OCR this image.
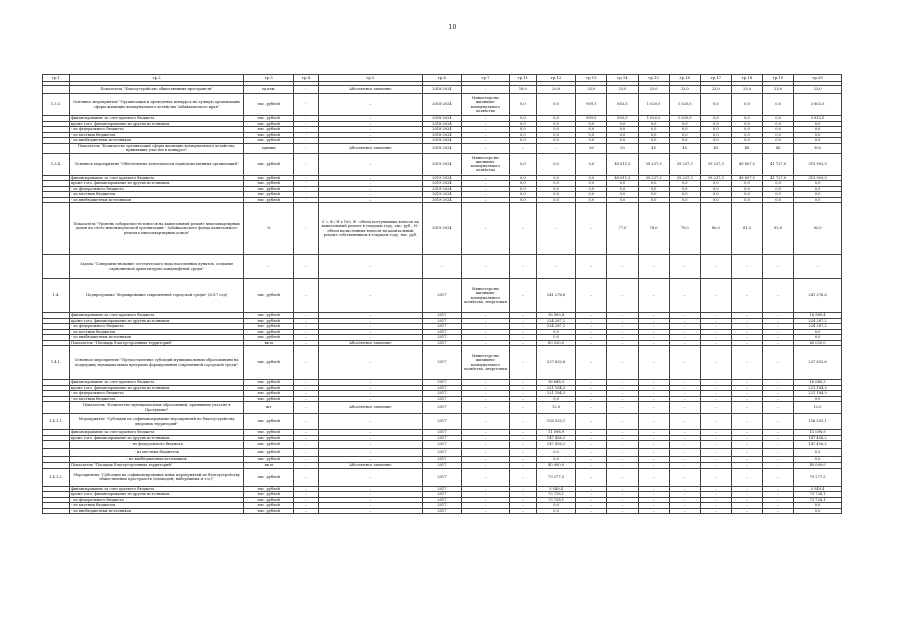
10
гр.1	гр.2	гр.3	гр.4	гр.5	гр.6	гр.7	гр.11	гр.12	гр.13	гр.14	гр.15	гр.16	гр.17	гр.18	гр.19	гр.20

	Показатель "Благоустройство общественных пространств"	ед.изм.	-	Абсолютное значение	2018-2024	–	18,0	20,0	25,0	23,0	25,0	23,0	23,0	23,0	23,0	23,0
1.3.3.	Основное мероприятие "Организация и проведение конкурса на лучшую организацию сферы жилищно-коммунального хозяйства Забайкальского края"	тыс. рублей	-	–	2018-2024	Министерство жилищно-коммунального хозяйства	0,0	0,0	909,1	803,5	1 020,0	1 020,0	0,0	0,0	0,0	3 802,5
	финансирование за счет краевого бюджета	тыс. рублей	-	–	2018-2024	–	0,0	0,0	909,0	803,5	1 020,0	1 020,0	0,0	0,0	0,0	3 812,5
	кроме того, финансирование из других источников:	тыс. рублей	-	–	2018-2024	–	0,0	0,0	0,0	0,0	0,0	0,0	0,0	0,0	0,0	0,0
	- из федерального бюджета	тыс. рублей	-	–	2018-2024	–	0,0	0,0	0,0	0,0	0,0	0,0	0,0	0,0	0,0	0,0
	- из местных бюджетов	тыс. рублей	-	–	2018-2024	–	0,0	0,0	0,0	0,0	0,0	0,0	0,0	0,0	0,0	0,0
	- из внебюджетных источников	тыс. рублей	-	–	2018-2024	–	0,0	0,0	0,0	0,0	0,0	0,0	0,0	0,0	0,0	0,0
	Показатель "Количество организаций сферы жилищно-коммунального хозяйства, принявших участие в конкурсе"	единиц	-	Абсолютное значение	2018-2024	–	–	–	26	30	45	45	45	46	46	302
1.3.4.	Основное мероприятие "Обеспечение деятельности подведомственных организаций"	тыс. рублей	-	–	2019-2024	Министерство жилищно-коммунального хозяйства	0,0	0,0	0,0	49 611,5	39 237,3	39 237,3	39 237,3	49 807,5	41 727,0	319 903,3
	финансирование за счет краевого бюджета	тыс. рублей	-	–	2019-2024	–	0,0	0,0	0,0	49 611,5	39 237,3	39 237,3	39 237,3	49 807,5	41 727,0	319 903,3
	кроме того, финансирование из других источников:	тыс. рублей	-	–	2019-2024	–	0,0	0,0	0,0	0,0	0,0	0,0	0,0	0,0	0,0	0,0
	- из федерального бюджета	тыс. рублей	-	–	2019-2024	–	0,0	0,0	0,0	0,0	0,0	0,0	0,0	0,0	0,0	0,0
	- из местных бюджетов	тыс. рублей	-	–	2019-2024	–	0,0	0,0	0,0	0,0	0,0	0,0	0,0	0,0	0,0	0,0
	- из внебюджетных источников	тыс. рублей	-	–	2019-2024	–	0,0	0,0	0,0	0,0	0,0	0,0	0,0	0,0	0,0	0,0
	Показатель "Уровень собираемости взносов на капитальный ремонт многоквартирных домов на счете некоммерческой организации - Забайкальского фонда капитального ремонта многоквартирных домов"	%	-	С = Ф / Н x 100, Ф - объем поступивших взносов на капитальный ремонт в текущем году, тыс. руб.; Н - объем начисленных взносов на капитальный ремонт собственникам в текущем году, тыс. руб.	2019-2024	–	–	–	–	77,0	78,0	79,0	80,0	81,0	82,0	82,0
	Задача "Совершенствование эстетического вида населенных пунктов, создание гармоничной архитектурно-ландшафтной среды"	–	–	–	–	–	–	–	–	–	–	–	–	–	–	–
1.4.	Подпрограмма "Формирование современной городской среды" (2017 год)	тыс. рублей	–	–	2017	Министерство жилищно-коммунального хозяйства, энергетики	–	241 276,6	–	–	–	–	–	–	–	241 276,6
	финансирование за счет краевого бюджета	тыс. рублей	–	–	2017	–	–	16 989,4	–	–	–	–	–	–	–	16 989,4
	кроме того, финансирование из других источников:	тыс. рублей	–	–	2017	–	–	224 287,2	–	–	–	–	–	–	–	224 287,2
	- из федерального бюджета	тыс. рублей	–	–	2017	–	–	224 287,2	–	–	–	–	–	–	–	224 287,2
	- из местных бюджетов	тыс. рублей	–	–	2017	–	–	0,0	–	–	–	–	–	–	–	0,0
	- из внебюджетных источников	тыс. рублей	–	–	2017	–	–	0,0	–	–	–	–	–	–	–	0,0
	Показатель "Площадь благоустроенных территорий"	кв.м	–	Абсолютное значение	2017	–	–	60 030,0	–	–	–	–	–	–	–	60 030,0
1.4.1.	Основное мероприятие "Предоставление субсидий муниципальным образованиям на поддержку муниципальных программ формирования современной городской среды"	тыс. рублей	–	–	2017	Министерство жилищно-коммунального хозяйства, энергетики	–	237 832,6	–	–	–	–	–	–	–	237 832,6
	финансирование за счет краевого бюджета	тыс. рублей	–	–	2017	–	–	16 648,3	–	–	–	–	–	–	–	16 648,3
	кроме того, финансирование из других источников:	тыс. рублей	–	–	2017	–	–	221 184,3	–	–	–	–	–	–	–	221 184,3
	- из федерального бюджета	тыс. рублей	–	–	2017	–	–	221 184,3	–	–	–	–	–	–	–	221 184,3
	- из местных бюджетов	тыс. рублей	–	–	2017	–	–	0,0	–	–	–	–	–	–	–	0,0
	Показатель "Количество муниципальных образований, принявших участие в Программе"	шт	–	Абсолютное значение	2017	–	–	12,0	–	–	–	–	–	–	–	12,0
1.4.1.1.	Мероприятие "Субсидии на софинансирование мероприятий по благоустройству дворовых территорий"	тыс. рублей	–	–	2017	–	–	158 555,1	–	–	–	–	–	–	–	158 555,1
	финансирование за счет краевого бюджета	тыс. рублей	–	–	2017	–	–	11 098,9	–	–	–	–	–	–	–	11 098,9
	кроме того, финансирование из других источников:	тыс. рублей	–	–	2017	–	–	147 456,2	–	–	–	–	–	–	–	147 456,2
	- из федерального бюджета	тыс. рублей	–	–	2017	–	–	147 456,2	–	–	–	–	–	–	–	147 456,2
	- из местных бюджетов	тыс. рублей	–	–	2017	–	–	0,0	–	–	–	–	–	–	–	0,0
	- из внебюджетных источников	тыс. рублей	–	–	2017	–	–	0,0	–	–	–	–	–	–	–	0,0
	Показатель "Площадь благоустроенных территорий"	кв.м	–	Абсолютное значение	2017	–	–	40 000,0	–	–	–	–	–	–	–	40 000,0
1.4.1.2.	Мероприятие "Субсидии на софинансирование иных мероприятий по благоустройству общественных пространств (площадей, набережных и т.п.)"	тыс. рублей	–	–	2017	–	–	79 277,5	–	–	–	–	–	–	–	79 277,5
	финансирование за счет краевого бюджета	тыс. рублей	–	–	2017	–	–	5 549,4	–	–	–	–	–	–	–	5 549,4
	кроме того, финансирование из других источников:	тыс. рублей	–	–	2017	–	–	73 728,1	–	–	–	–	–	–	–	73 728,1
	- из федерального бюджета	тыс. рублей	–	–	2017	–	–	73 728,1	–	–	–	–	–	–	–	73 728,1
	- из местных бюджетов	тыс. рублей	–	–	2017	–	–	0,0	–	–	–	–	–	–	–	0,0
	- из внебюджетных источников	тыс. рублей	–	–	2017	–	–	0,0	–	–	–	–	–	–	–	0,0
